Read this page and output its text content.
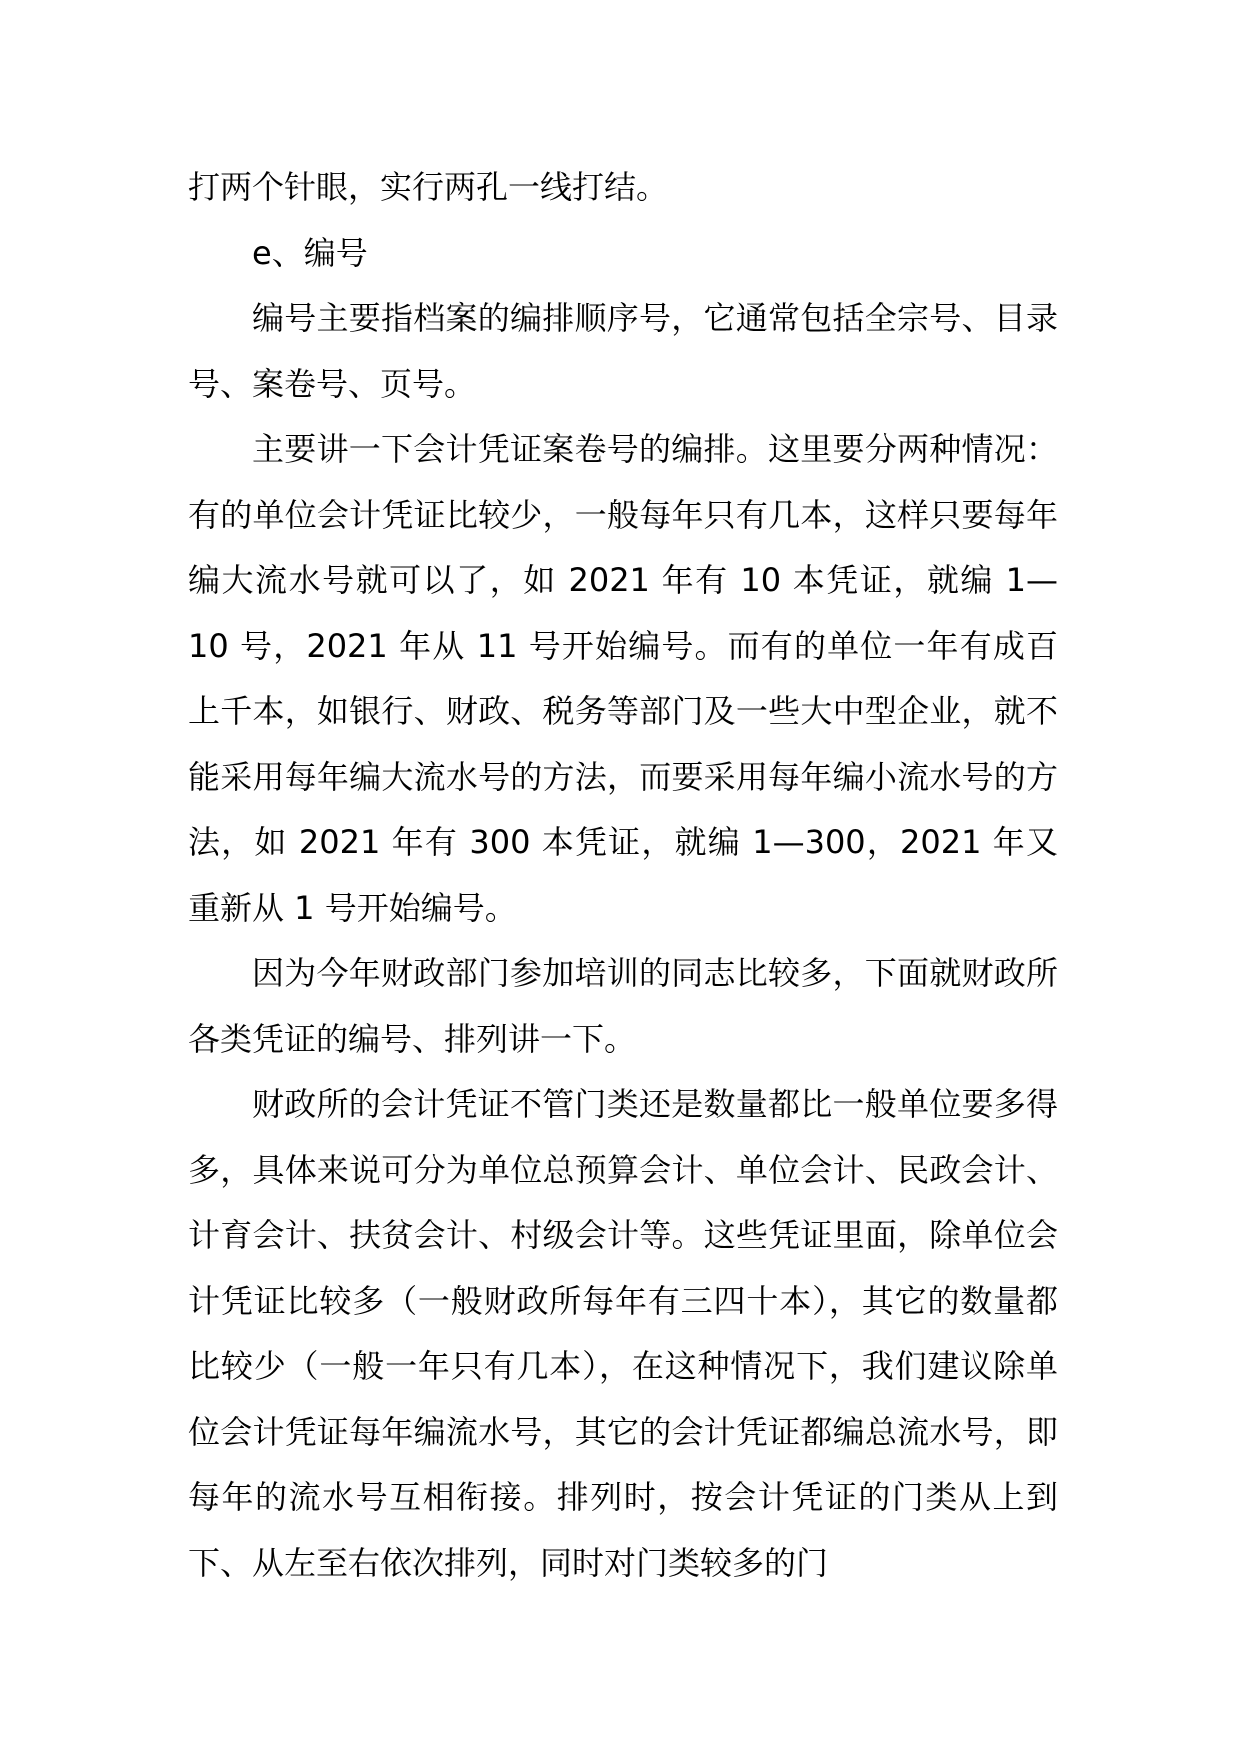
打两个针眼，实行两孔一线打结。

e、编号

编号主要指档案的编排顺序号，它通常包括全宗号、目录号、案卷号、页号。

主要讲一下会计凭证案卷号的编排。这里要分两种情况：有的单位会计凭证比较少，一般每年只有几本，这样只要每年编大流水号就可以了，如 2021 年有 10 本凭证，就编 1—10 号，2021 年从 11 号开始编号。而有的单位一年有成百上千本，如银行、财政、税务等部门及一些大中型企业，就不能采用每年编大流水号的方法，而要采用每年编小流水号的方法，如 2021 年有 300 本凭证，就编 1—300，2021 年又重新从 1 号开始编号。

因为今年财政部门参加培训的同志比较多，下面就财政所各类凭证的编号、排列讲一下。

财政所的会计凭证不管门类还是数量都比一般单位要多得多，具体来说可分为单位总预算会计、单位会计、民政会计、计育会计、扶贫会计、村级会计等。这些凭证里面，除单位会计凭证比较多（一般财政所每年有三四十本），其它的数量都比较少（一般一年只有几本），在这种情况下，我们建议除单位会计凭证每年编流水号，其它的会计凭证都编总流水号，即每年的流水号互相衔接。排列时，按会计凭证的门类从上到下、从左至右依次排列，同时对门类较多的门
